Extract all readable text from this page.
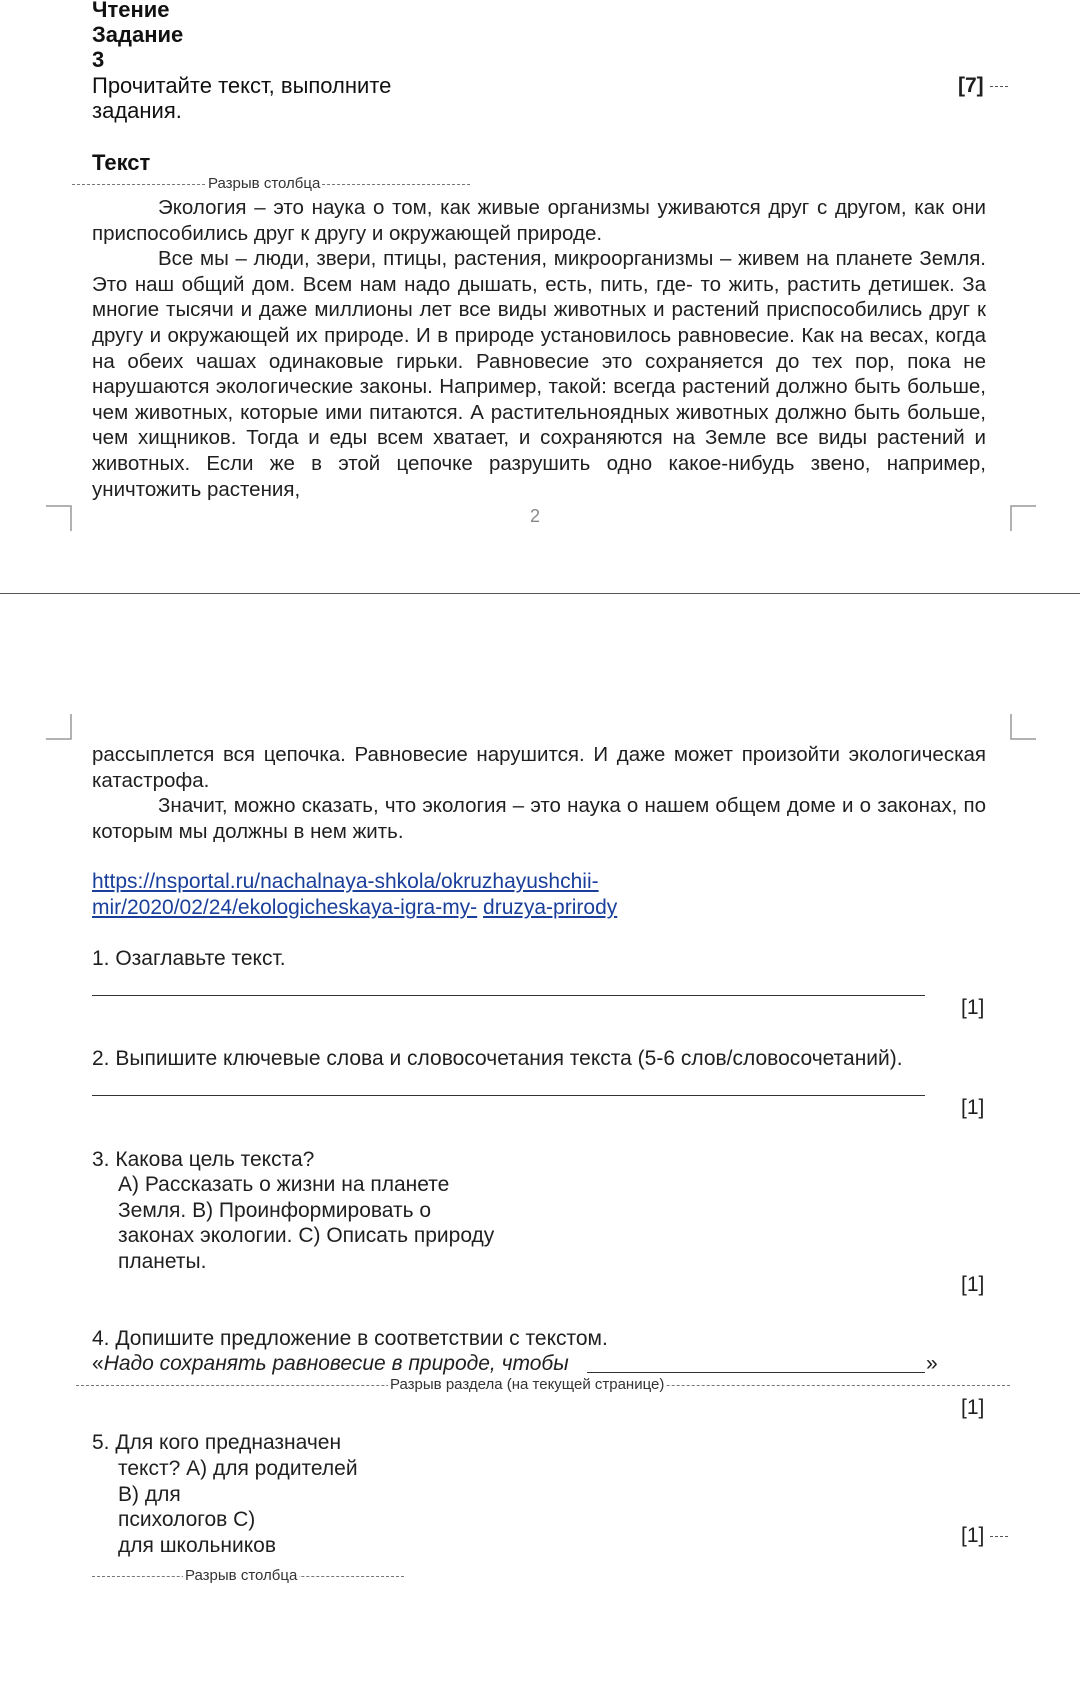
Чтение
Задание
3
Прочитайте текст, выполните
задания.
[7]
Текст
Разрыв столбца

Экология – это наука о том, как живые организмы уживаются друг с другом, как они приспособились друг к другу и окружающей природе.

Все мы – люди, звери, птицы, растения, микроорганизмы – живем на планете Земля. Это наш общий дом. Всем нам надо дышать, есть, пить, где- то жить, растить детишек. За многие тысячи и даже миллионы лет все виды животных и растений приспособились друг к другу и окружающей их природе. И в природе установилось равновесие. Как на весах, когда на обеих чашах одинаковые гирьки. Равновесие это сохраняется до тех пор, пока не нарушаются экологические законы. Например, такой: всегда растений должно быть больше, чем животных, которые ими питаются. А растительноядных животных должно быть больше, чем хищников. Тогда и еды всем хватает, и сохраняются на Земле все виды растений и животных. Если же в этой цепочке разрушить одно какое-нибудь звено, например, уничтожить растения,

2

рассыплется вся цепочка. Равновесие нарушится. И даже может произойти экологическая катастрофа.

Значит, можно сказать, что экология – это наука о нашем общем доме и о законах, по которым мы должны в нем жить.

https://nsportal.ru/nachalnaya-shkola/okruzhayushchii-
mir/2020/02/24/ekologicheskaya-igra-my- druzya-prirody
1. Озаглавьте текст.
[1]
2. Выпишите ключевые слова и словосочетания текста (5-6 слов/словосочетаний).
[1]
3. Какова цель текста?
А) Рассказать о жизни на планете
Земля. В) Проинформировать о
законах экологии. С) Описать природу
планеты.
[1]
4. Допишите предложение в соответствии с текстом.
«Надо сохранять равновесие в природе, чтобы	»
Разрыв раздела (на текущей странице)
[1]
5. Для кого предназначен
текст? А) для родителей
В) для
психологов С)
для школьников	[1]
Разрыв столбца
